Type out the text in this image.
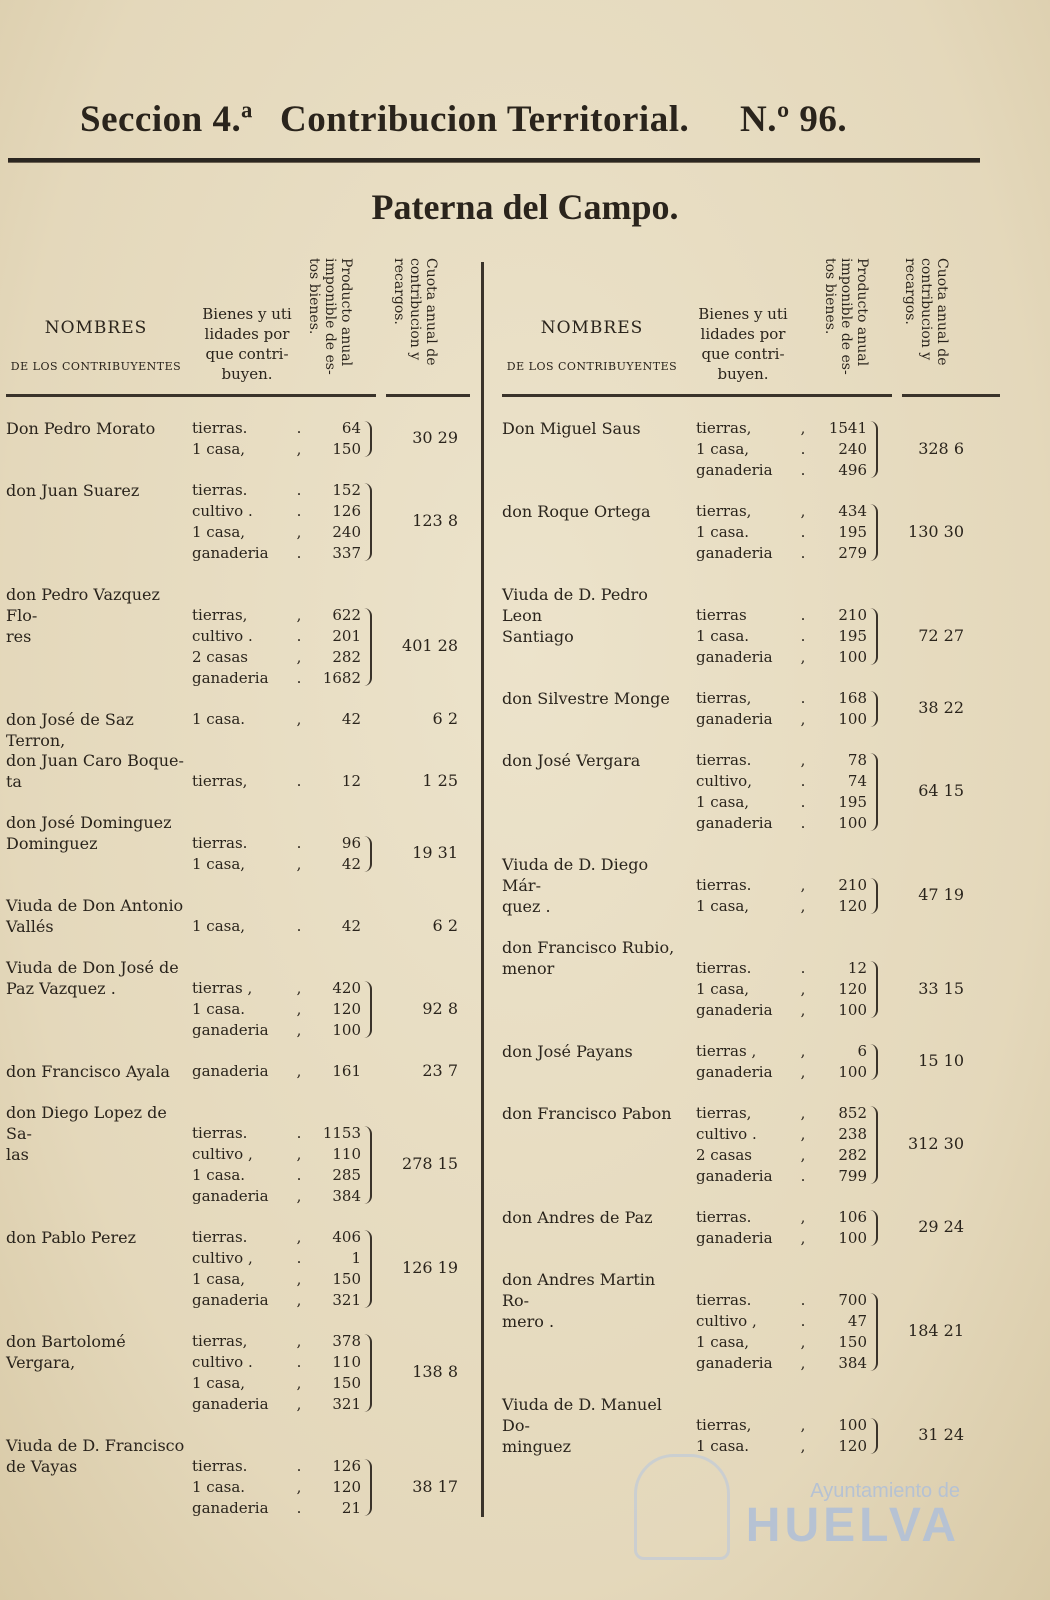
Seccion 4.ª Contribucion Territorial.	N.º 96.
Paterna del Campo.
NOMBRES
DE LOS CONTRIBUYENTES
Bienes y uti lidades por que contri- buyen.
Producto anual imponible de es- tos bienes.	Cuota anual de contribucion y recargos.
Don Pedro Morato	tierras.	.	64
1 casa,	,	150
30 29
don Juan Suarez	tierras.	.	152
cultivo .	.	126
1 casa,	,	240
ganaderia	.	337
123 8
don Pedro Vazquez Flo-
res
tierras,	,	622
cultivo .	.	201
2 casas	,	282
ganaderia	.	1682
401 28
don José de Saz Terron,
1 casa.	,	42	6 2
don Juan Caro Boque-
ta	tierras,	.	12	1 25
don José Dominguez
Dominguez	tierras.	.	96
1 casa,	,	42
19 31
Viuda de Don Antonio
Vallés	1 casa,	.	42	6 2
Viuda de Don José de
Paz Vazquez .	tierras ,	,	420
1 casa.	,	120
ganaderia	,	100
92 8
don Francisco Ayala	ganaderia	,	161	23 7
don Diego Lopez de Sa-
las
tierras.	.	1153
cultivo ,	,	110
1 casa.	.	285
ganaderia	,	384
278 15
don Pablo Perez	tierras.	,	406
cultivo ,	.	1
1 casa,	,	150
ganaderia	,	321
126 19
don Bartolomé Vergara,
tierras,	,	378
cultivo .	.	110
1 casa,	,	150
ganaderia	,	321
138 8
Viuda de D. Francisco
de Vayas	tierras.	.	126
1 casa.	,	120
ganaderia	.	21
38 17
NOMBRES
DE LOS CONTRIBUYENTES
Bienes y uti lidades por que contri- buyen.
Producto anual imponible de es- tos bienes.	Cuota anual de contribucion y recargos.
Don Miguel Saus	tierras,	,	1541
1 casa,	.	240
ganaderia	.	496
328 6
don Roque Ortega	tierras,	,	434
1 casa.	.	195
ganaderia	.	279
130 30
Viuda de D. Pedro Leon
Santiago
tierras	.	210
1 casa.	.	195
ganaderia	,	100
72 27
don Silvestre Monge	tierras,	.	168
ganaderia	,	100
38 22
don José Vergara	tierras.	,	78
cultivo,	.	74
1 casa,	.	195
ganaderia	.	100
64 15
Viuda de D. Diego Már-
quez .
tierras.	,	210
1 casa,	,	120
47 19
don Francisco Rubio,
menor	tierras.	.	12
1 casa,	,	120
ganaderia	,	100
33 15
don José Payans	tierras ,	,	6
ganaderia	,	100
15 10
don Francisco Pabon	tierras,	,	852
cultivo .	,	238
2 casas	,	282
ganaderia	.	799
312 30
don Andres de Paz	tierras.	,	106
ganaderia	,	100
29 24
don Andres Martin Ro-
mero .
tierras.	.	700
cultivo ,	.	47
1 casa,	,	150
ganaderia	,	384
184 21
Viuda de D. Manuel Do-
minguez
tierras,	,	100
1 casa.	,	120
31 24
Ayuntamiento de
HUELVA
